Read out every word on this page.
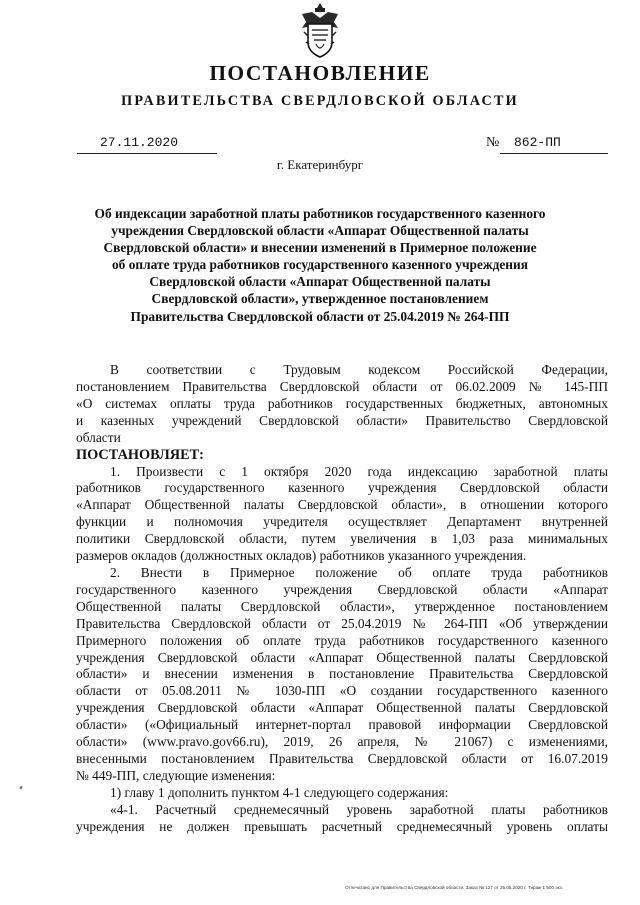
ПОСТАНОВЛЕНИЕ
ПРАВИТЕЛЬСТВА СВЕРДЛОВСКОЙ ОБЛАСТИ
27.11.2020	№ 862-ПП
г. Екатеринбург
Об индексации заработной платы работников государственного казенного
учреждения Свердловской области «Аппарат Общественной палаты
Свердловской области» и внесении изменений в Примерное положение
об оплате труда работников государственного казенного учреждения
Свердловской области «Аппарат Общественной палаты
Свердловской области», утвержденное постановлением
Правительства Свердловской области от 25.04.2019 № 264-ПП

В соответствии с Трудовым кодексом Российской Федерации,
постановлением Правительства Свердловской области от 06.02.2009 № 145-ПП
«О системах оплаты труда работников государственных бюджетных, автономных
и казенных учреждений Свердловской области» Правительство Свердловской
области

ПОСТАНОВЛЯЕТ:

1. Произвести с 1 октября 2020 года индексацию заработной платы
работников государственного казенного учреждения Свердловской области
«Аппарат Общественной палаты Свердловской области», в отношении которого
функции и полномочия учредителя осуществляет Департамент внутренней
политики Свердловской области, путем увеличения в 1,03 раза минимальных
размеров окладов (должностных окладов) работников указанного учреждения.

2. Внести в Примерное положение об оплате труда работников
государственного казенного учреждения Свердловской области «Аппарат
Общественной палаты Свердловской области», утвержденное постановлением
Правительства Свердловской области от 25.04.2019 № 264-ПП «Об утверждении
Примерного положения об оплате труда работников государственного казенного
учреждения Свердловской области «Аппарат Общественной палаты Свердловской
области» и внесении изменения в постановление Правительства Свердловской
области от 05.08.2011 № 1030-ПП «О создании государственного казенного
учреждения Свердловской области «Аппарат Общественной палаты Свердловской
области» («Официальный интернет-портал правовой информации Свердловской
области» (www.pravo.gov66.ru), 2019, 26 апреля, № 21067) с изменениями,
внесенными постановлением Правительства Свердловской области от 16.07.2019
№ 449-ПП, следующие изменения:

1) главу 1 дополнить пунктом 4-1 следующего содержания:

«4-1. Расчетный среднемесячный уровень заработной платы работников
учреждения не должен превышать расчетный среднемесячный уровень оплаты

Отпечатано для Правительства Свердловской области. Заказ № 127 от 25.05.2020 г. Тираж 1 500 экз.
